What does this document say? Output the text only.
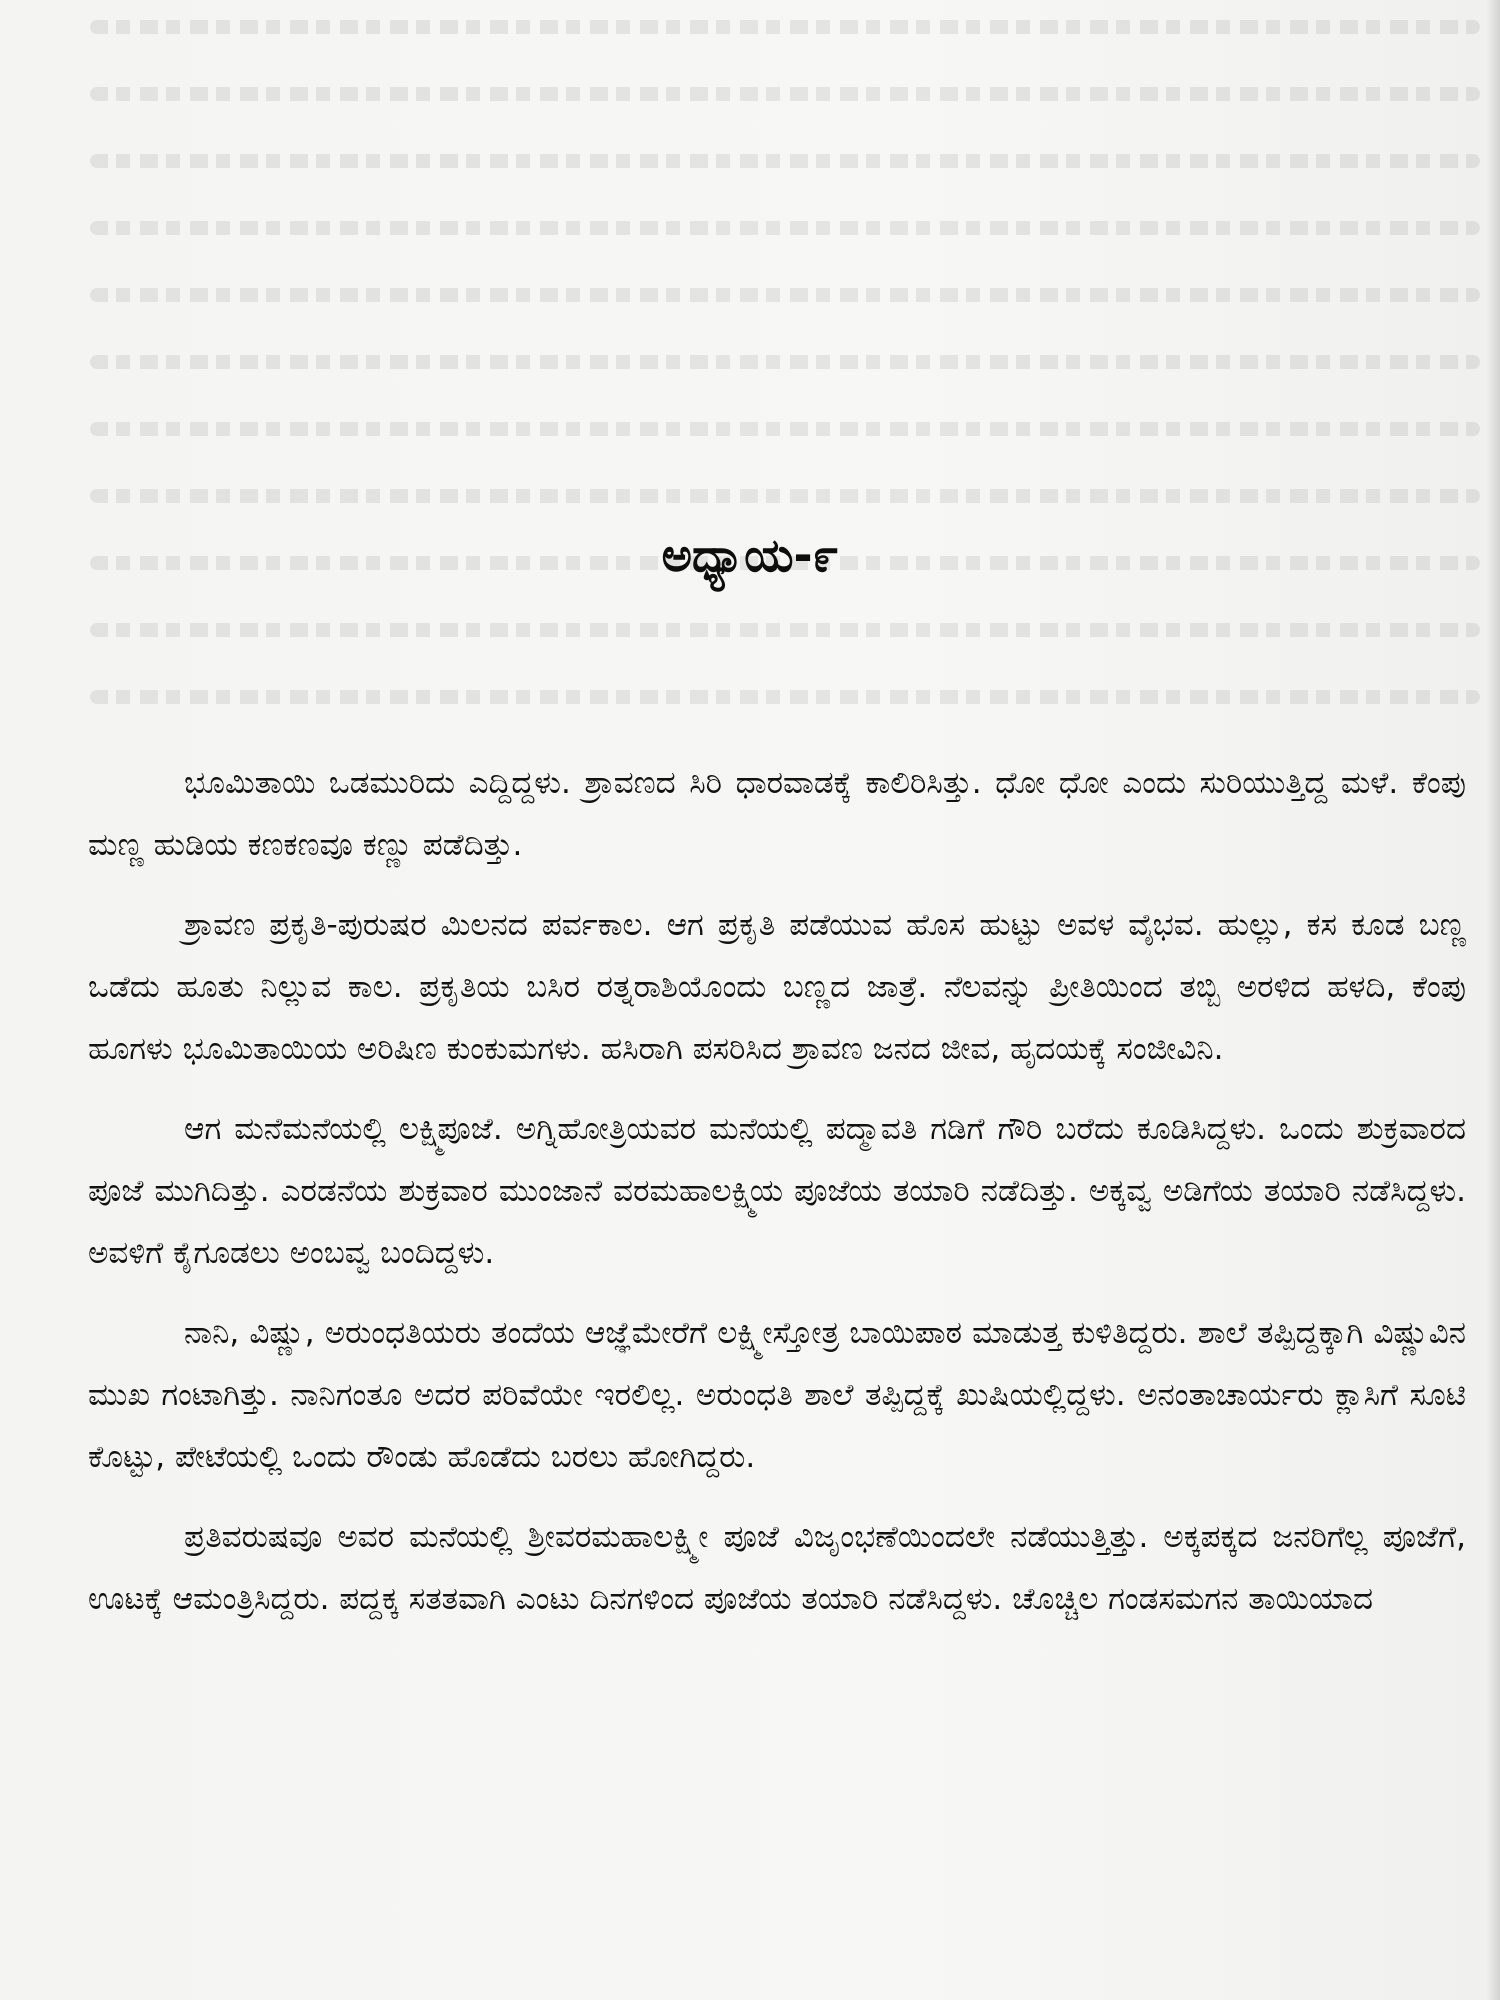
ಅಧ್ಯಾಯ-೯

ಭೂಮಿತಾಯಿ ಒಡಮುರಿದು ಎದ್ದಿದ್ದಳು. ಶ್ರಾವಣದ ಸಿರಿ ಧಾರವಾಡಕ್ಕೆ ಕಾಲಿರಿಸಿತ್ತು. ಧೋ ಧೋ ಎಂದು ಸುರಿಯುತ್ತಿದ್ದ ಮಳೆ. ಕೆಂಪು ಮಣ್ಣ ಹುಡಿಯ ಕಣಕಣವೂ ಕಣ್ಣು ಪಡೆದಿತ್ತು.

ಶ್ರಾವಣ ಪ್ರಕೃತಿ-ಪುರುಷರ ಮಿಲನದ ಪರ್ವಕಾಲ. ಆಗ ಪ್ರಕೃತಿ ಪಡೆಯುವ ಹೊಸ ಹುಟ್ಟು ಅವಳ ವೈಭವ. ಹುಲ್ಲು, ಕಸ ಕೂಡ ಬಣ್ಣ ಒಡೆದು ಹೂತು ನಿಲ್ಲುವ ಕಾಲ. ಪ್ರಕೃತಿಯ ಬಸಿರ ರತ್ನರಾಶಿಯೊಂದು ಬಣ್ಣದ ಜಾತ್ರೆ. ನೆಲವನ್ನು ಪ್ರೀತಿಯಿಂದ ತಬ್ಬಿ ಅರಳಿದ ಹಳದಿ, ಕೆಂಪು ಹೂಗಳು ಭೂಮಿತಾಯಿಯ ಅರಿಷಿಣ ಕುಂಕುಮಗಳು. ಹಸಿರಾಗಿ ಪಸರಿಸಿದ ಶ್ರಾವಣ ಜನದ ಜೀವ, ಹೃದಯಕ್ಕೆ ಸಂಜೀವಿನಿ.

ಆಗ ಮನೆಮನೆಯಲ್ಲಿ ಲಕ್ಷ್ಮಿಪೂಜೆ. ಅಗ್ನಿಹೋತ್ರಿಯವರ ಮನೆಯಲ್ಲಿ ಪದ್ಮಾವತಿ ಗಡಿಗೆ ಗೌರಿ ಬರೆದು ಕೂಡಿಸಿದ್ದಳು. ಒಂದು ಶುಕ್ರವಾರದ ಪೂಜೆ ಮುಗಿದಿತ್ತು. ಎರಡನೆಯ ಶುಕ್ರವಾರ ಮುಂಜಾನೆ ವರಮಹಾಲಕ್ಷ್ಮಿಯ ಪೂಜೆಯ ತಯಾರಿ ನಡೆದಿತ್ತು. ಅಕ್ಕವ್ವ ಅಡಿಗೆಯ ತಯಾರಿ ನಡೆಸಿದ್ದಳು. ಅವಳಿಗೆ ಕೈಗೂಡಲು ಅಂಬವ್ವ ಬಂದಿದ್ದಳು.

ನಾನಿ, ವಿಷ್ಣು, ಅರುಂಧತಿಯರು ತಂದೆಯ ಆಜ್ಞೆಮೇರೆಗೆ ಲಕ್ಷ್ಮೀಸ್ತೋತ್ರ ಬಾಯಿಪಾಠ ಮಾಡುತ್ತ ಕುಳಿತಿದ್ದರು. ಶಾಲೆ ತಪ್ಪಿದ್ದಕ್ಕಾಗಿ ವಿಷ್ಣುವಿನ ಮುಖ ಗಂಟಾಗಿತ್ತು. ನಾನಿಗಂತೂ ಅದರ ಪರಿವೆಯೇ ಇರಲಿಲ್ಲ. ಅರುಂಧತಿ ಶಾಲೆ ತಪ್ಪಿದ್ದಕ್ಕೆ ಖುಷಿಯಲ್ಲಿದ್ದಳು. ಅನಂತಾಚಾರ್ಯರು ಕ್ಲಾಸಿಗೆ ಸೂಟಿ ಕೊಟ್ಟು, ಪೇಟೆಯಲ್ಲಿ ಒಂದು ರೌಂಡು ಹೊಡೆದು ಬರಲು ಹೋಗಿದ್ದರು.

ಪ್ರತಿವರುಷವೂ ಅವರ ಮನೆಯಲ್ಲಿ ಶ್ರೀವರಮಹಾಲಕ್ಷ್ಮೀ ಪೂಜೆ ವಿಜೃಂಭಣೆಯಿಂದಲೇ ನಡೆಯುತ್ತಿತ್ತು. ಅಕ್ಕಪಕ್ಕದ ಜನರಿಗೆಲ್ಲ ಪೂಜೆಗೆ, ಊಟಕ್ಕೆ ಆಮಂತ್ರಿಸಿದ್ದರು. ಪದ್ದಕ್ಕ ಸತತವಾಗಿ ಎಂಟು ದಿನಗಳಿಂದ ಪೂಜೆಯ ತಯಾರಿ ನಡೆಸಿದ್ದಳು. ಚೊಚ್ಚಿಲ ಗಂಡಸಮಗನ ತಾಯಿಯಾದ
